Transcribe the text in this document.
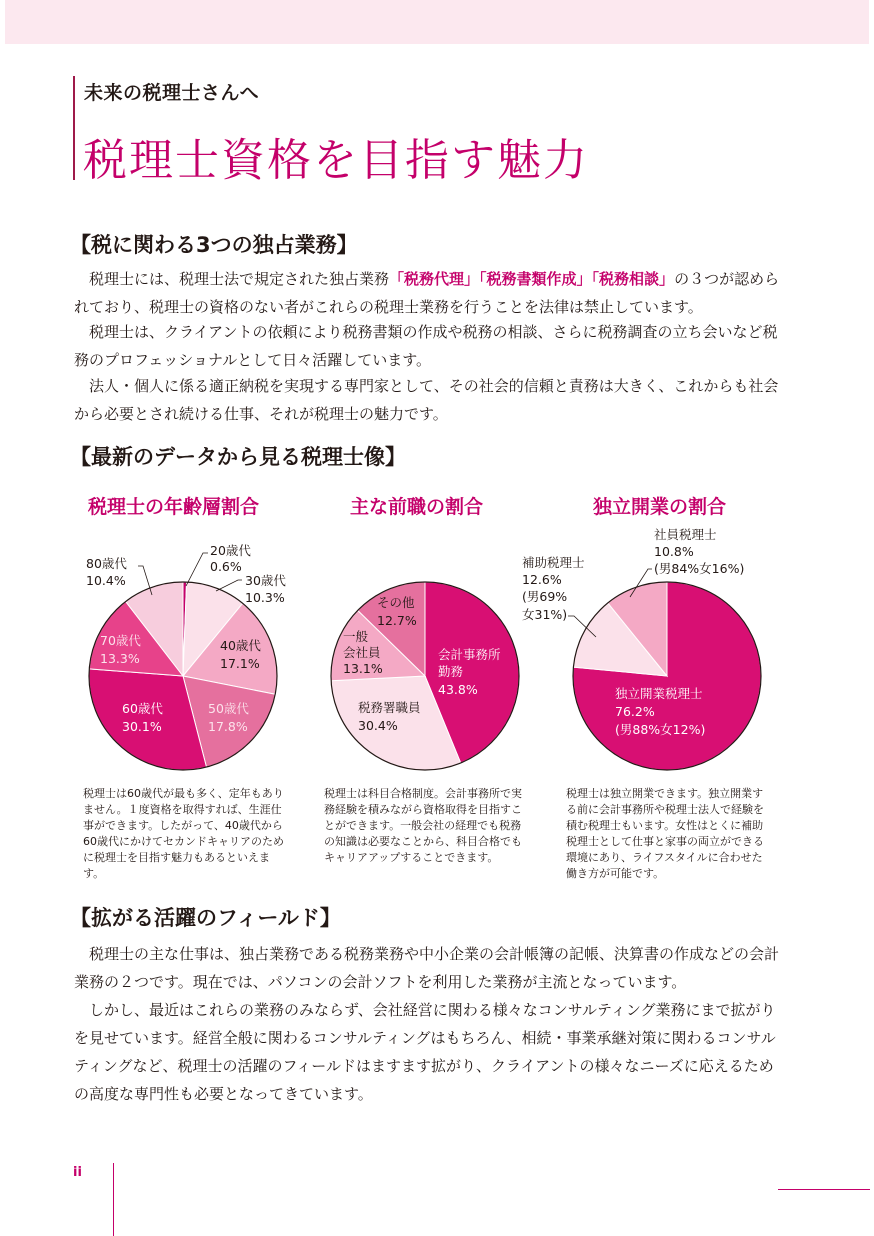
未来の税理士さんへ
税理士資格を目指す魅力
【税に関わる3つの独占業務】

税理士には、税理士法で規定された独占業務「税務代理」「税務書類作成」「税務相談」の３つが認められており、税理士の資格のない者がこれらの税理士業務を行うことを法律は禁止しています。

税理士は、クライアントの依頼により税務書類の作成や税務の相談、さらに税務調査の立ち会いなど税務のプロフェッショナルとして日々活躍しています。

法人・個人に係る適正納税を実現する専門家として、その社会的信頼と責務は大きく、これからも社会から必要とされ続ける仕事、それが税理士の魅力です。

【最新のデータから見る税理士像】
税理士の年齢層割合	主な前職の割合	独立開業の割合
20歳代
0.6%
30歳代
10.3%
80歳代
10.4%
40歳代
17.1%
70歳代
13.3%
60歳代
30.1%
50歳代
17.8%
その他
12.7%
一般
会社員
13.1%
会計事務所
勤務
43.8%
税務署職員
30.4%
補助税理士
12.6%
(男69%
女31%)
社員税理士
10.8%
(男84%女16%)
独立開業税理士
76.2%
(男88%女12%)

税理士は60歳代が最も多く、定年もありません。１度資格を取得すれば、生涯仕事ができます。したがって、40歳代から60歳代にかけてセカンドキャリアのために税理士を目指す魅力もあるといえます。

税理士は科目合格制度。会計事務所で実務経験を積みながら資格取得を目指すことができます。一般会社の経理でも税務の知識は必要なことから、科目合格でもキャリアアップすることできます。

税理士は独立開業できます。独立開業する前に会計事務所や税理士法人で経験を積む税理士もいます。女性はとくに補助税理士として仕事と家事の両立ができる環境にあり、ライフスタイルに合わせた働き方が可能です。

【拡がる活躍のフィールド】

税理士の主な仕事は、独占業務である税務業務や中小企業の会計帳簿の記帳、決算書の作成などの会計業務の２つです。現在では、パソコンの会計ソフトを利用した業務が主流となっています。

しかし、最近はこれらの業務のみならず、会社経営に関わる様々なコンサルティング業務にまで拡がりを見せています。経営全般に関わるコンサルティングはもちろん、相続・事業承継対策に関わるコンサルティングなど、税理士の活躍のフィールドはますます拡がり、クライアントの様々なニーズに応えるための高度な専門性も必要となってきています。

ii
